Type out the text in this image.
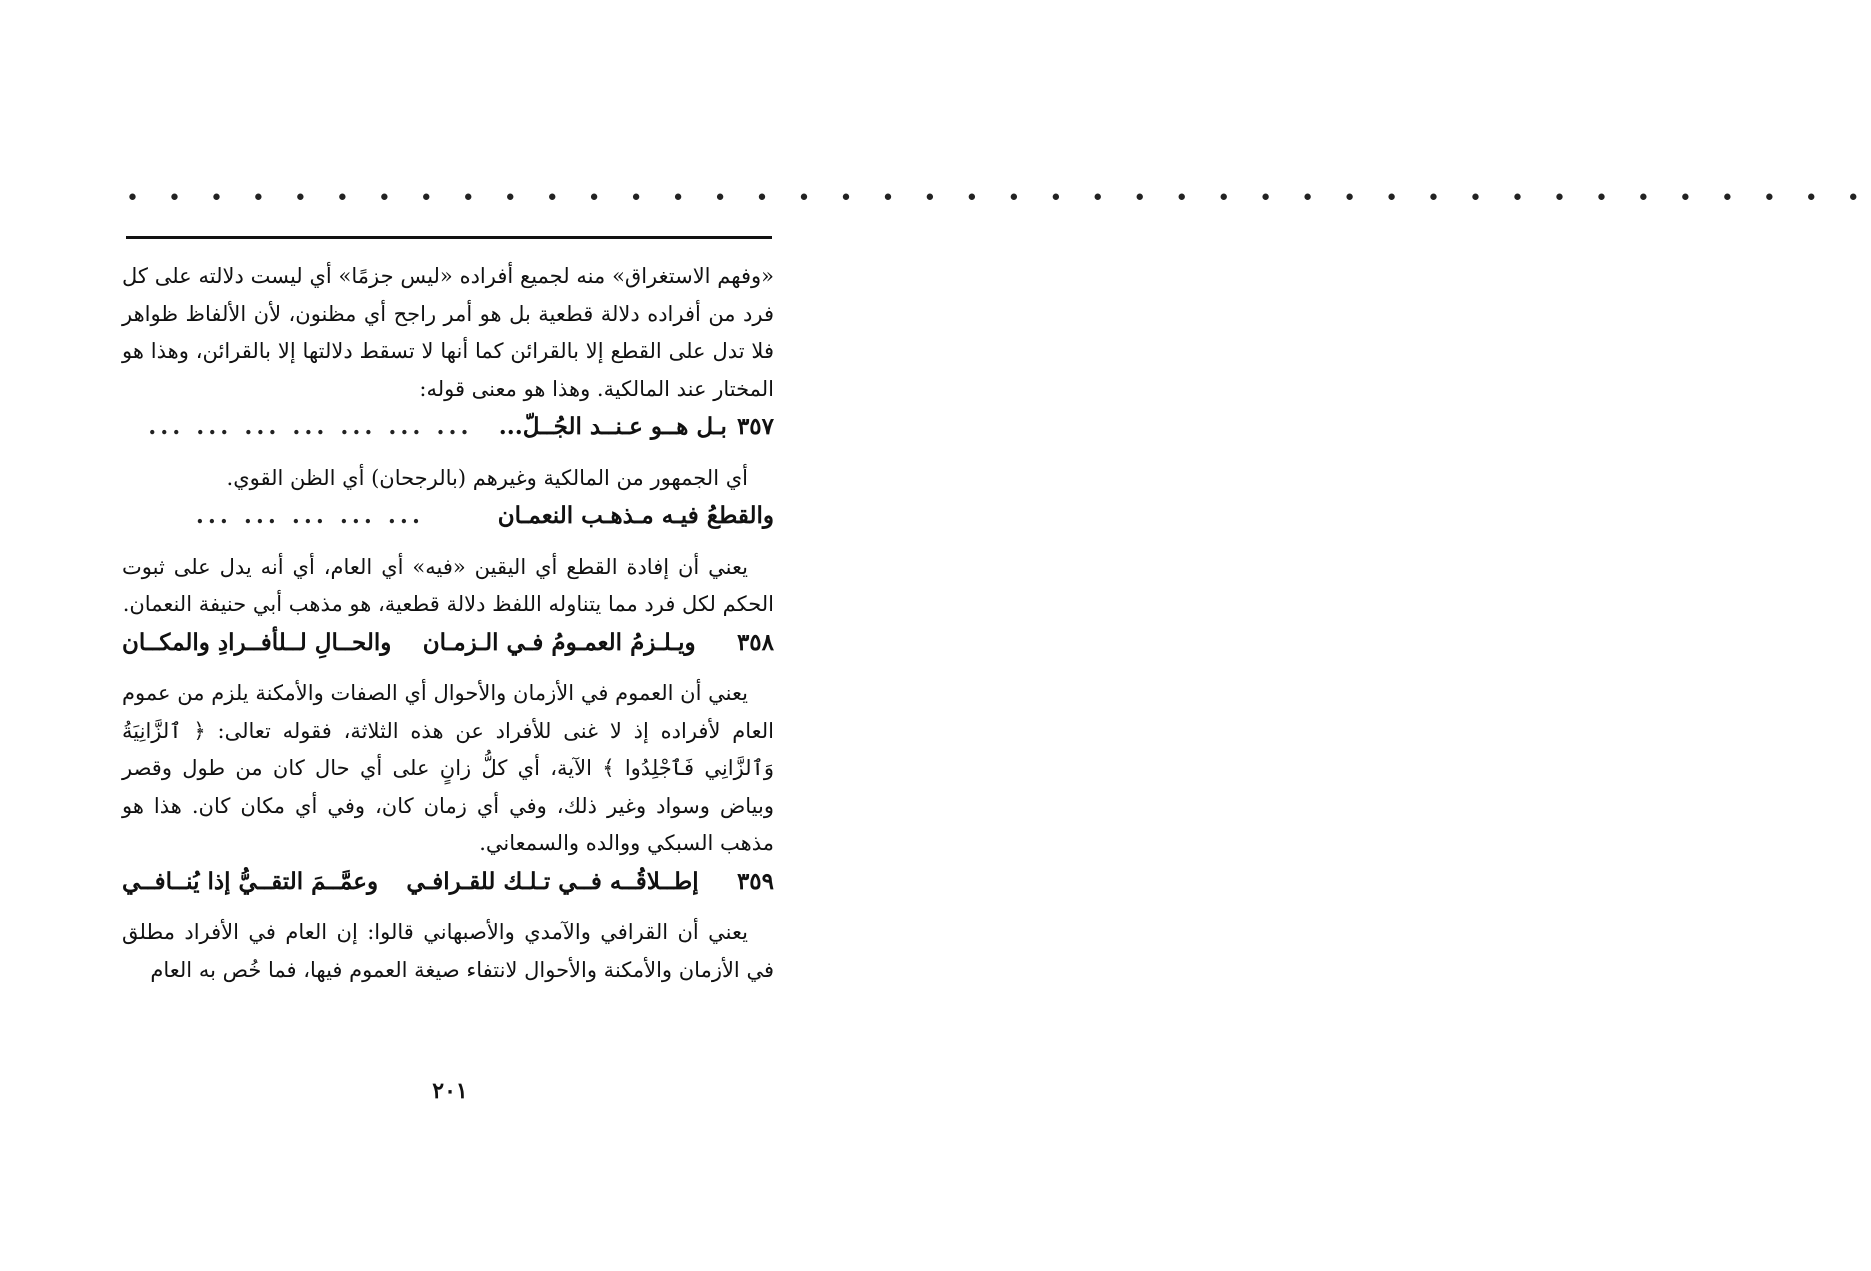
• • • • • • • • • • • • • • • • • • • • • • • • • • • • • • • • • • • • • • • • • •

«وفهم الاستغراق» منه لجميع أفراده «ليس جزمًا» أي ليست دلالته على كل فرد من أفراده دلالة قطعية بل هو أمر راجح أي مظنون، لأن الألفاظ ظواهر فلا تدل على القطع إلا بالقرائن كما أنها لا تسقط دلالتها إلا بالقرائن، وهذا هو المختار عند المالكية. وهذا هو معنى قوله:

٣٥٧
بـل هــو عـنــد الجُــلّ...
... ... ... ... ... ... ...

أي الجمهور من المالكية وغيرهم (بالرجحان) أي الظن القوي.

والقطعُ فيـه مـذهـب النعمـان
... ... ... ... ...

يعني أن إفادة القطع أي اليقين «فيه» أي العام، أي أنه يدل على ثبوت الحكم لكل فرد مما يتناوله اللفظ دلالة قطعية، هو مذهب أبي حنيفة النعمان.

٣٥٨
ويـلـزمُ العمـومُ فـي الـزمـان
والحــالِ لــلأفــرادِ والمكــان

يعني أن العموم في الأزمان والأحوال أي الصفات والأمكنة يلزم من عموم العام لأفراده إذ لا غنى للأفراد عن هذه الثلاثة، فقوله تعالى: ﴿ ٱلزَّانِيَةُ وَٱلزَّانِي فَٱجْلِدُوا ﴾ الآية، أي كلُّ زانٍ على أي حال كان من طول وقصر وبياض وسواد وغير ذلك، وفي أي زمان كان، وفي أي مكان كان. هذا هو مذهب السبكي ووالده والسمعاني.

٣٥٩
إطــلاقُــه فــي تـلـك للقـرافـي
وعمَّــمَ التقــيُّ إذا يُنــافــي

يعني أن القرافي والآمدي والأصبهاني قالوا: إن العام في الأفراد مطلق في الأزمان والأمكنة والأحوال لانتفاء صيغة العموم فيها، فما خُص به العام

٢٠١
